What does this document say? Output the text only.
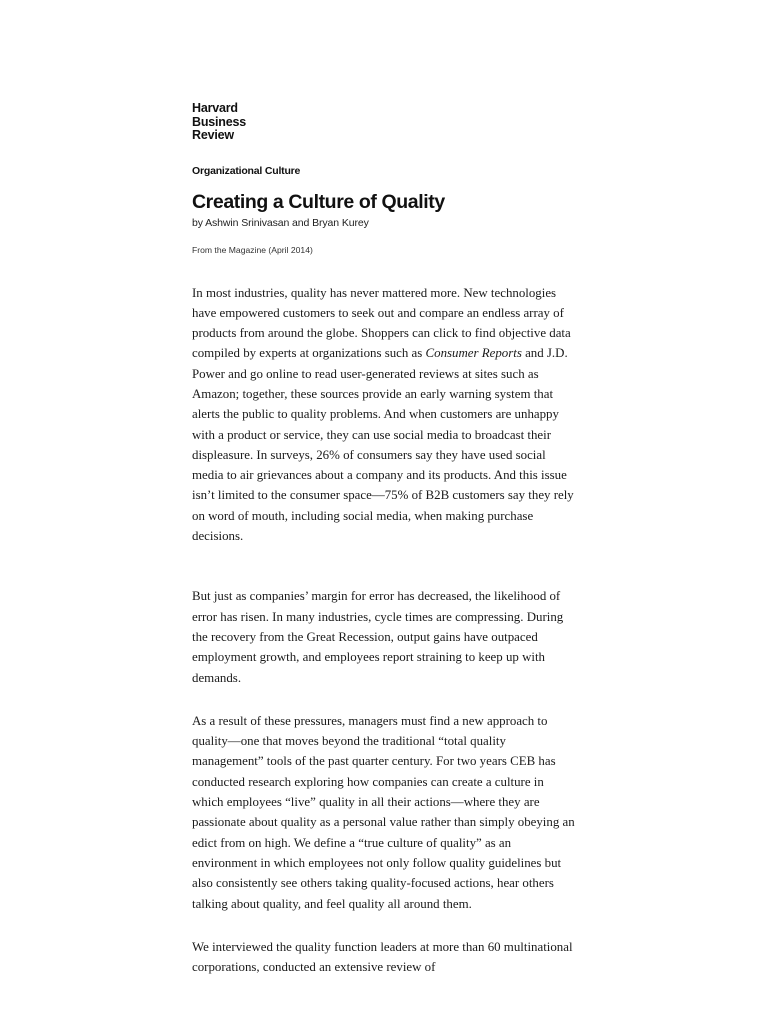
Harvard
Business
Review
Organizational Culture
Creating a Culture of Quality
by Ashwin Srinivasan and Bryan Kurey
From the Magazine (April 2014)

In most industries, quality has never mattered more. New technologies have empowered customers to seek out and compare an endless array of products from around the globe. Shoppers can click to find objective data compiled by experts at organizations such as Consumer Reports and J.D. Power and go online to read user-generated reviews at sites such as Amazon; together, these sources provide an early warning system that alerts the public to quality problems. And when customers are unhappy with a product or service, they can use social media to broadcast their displeasure. In surveys, 26% of consumers say they have used social media to air grievances about a company and its products. And this issue isn’t limited to the consumer space—75% of B2B customers say they rely on word of mouth, including social media, when making purchase decisions.

But just as companies’ margin for error has decreased, the likelihood of error has risen. In many industries, cycle times are compressing. During the recovery from the Great Recession, output gains have outpaced employment growth, and employees report straining to keep up with demands.

As a result of these pressures, managers must find a new approach to quality—one that moves beyond the traditional “total quality management” tools of the past quarter century. For two years CEB has conducted research exploring how companies can create a culture in which employees “live” quality in all their actions—where they are passionate about quality as a personal value rather than simply obeying an edict from on high. We define a “true culture of quality” as an environment in which employees not only follow quality guidelines but also consistently see others taking quality-focused actions, hear others talking about quality, and feel quality all around them.

We interviewed the quality function leaders at more than 60 multinational corporations, conducted an extensive review of
